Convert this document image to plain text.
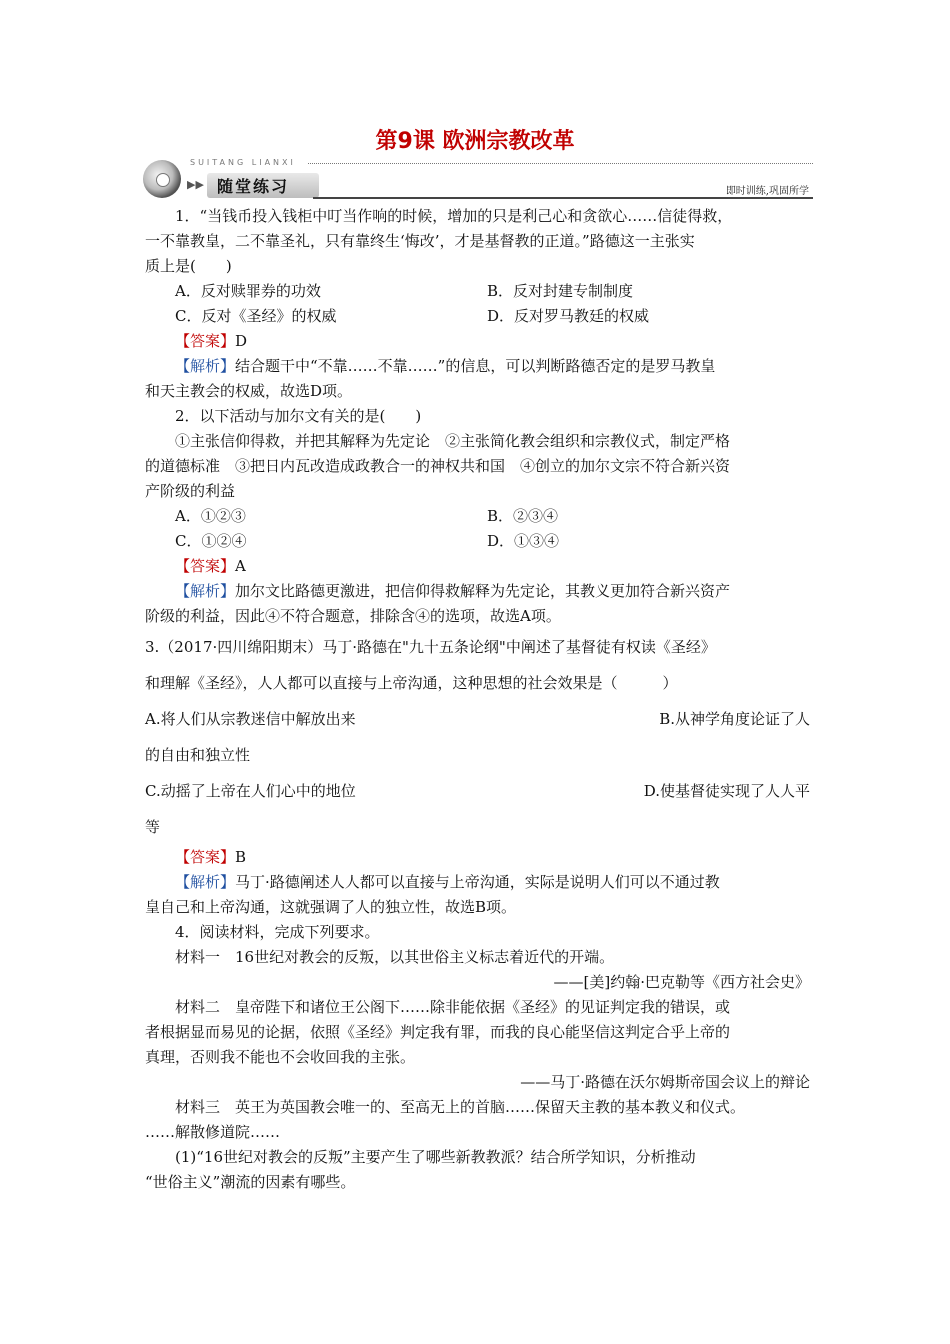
第9课 欧洲宗教改革
SUITANG LIANXI
▶▶ 随堂练习	即时训练,巩固所学

1．“当钱币投入钱柜中叮当作响的时候，增加的只是利己心和贪欲心……信徒得救，

一不靠教皇，二不靠圣礼，只有靠终生‘悔改’，才是基督教的正道。”路德这一主张实

质上是(　　)

A．反对赎罪券的功效	B．反对封建专制制度
C．反对《圣经》的权威	D．反对罗马教廷的权威

【答案】D

【解析】结合题干中“不靠……不靠……”的信息，可以判断路德否定的是罗马教皇

和天主教会的权威，故选D项。

2．以下活动与加尔文有关的是(　　)

①主张信仰得救，并把其解释为先定论　②主张简化教会组织和宗教仪式，制定严格

的道德标准　③把日内瓦改造成政教合一的神权共和国　④创立的加尔文宗不符合新兴资

产阶级的利益

A．①②③	B．②③④
C．①②④	D．①③④

【答案】A

【解析】加尔文比路德更激进，把信仰得救解释为先定论，其教义更加符合新兴资产

阶级的利益，因此④不符合题意，排除含④的选项，故选A项。

3.（2017·四川绵阳期末）马丁·路德在"九十五条论纲"中阐述了基督徒有权读《圣经》

和理解《圣经》，人人都可以直接与上帝沟通，这种思想的社会效果是（　　　）

A.将人们从宗教迷信中解放出来	B.从神学角度论证了人

的自由和独立性

C.动摇了上帝在人们心中的地位	D.使基督徒实现了人人平

等

【答案】B

【解析】马丁·路德阐述人人都可以直接与上帝沟通，实际是说明人们可以不通过教

皇自己和上帝沟通，这就强调了人的独立性，故选B项。

4．阅读材料，完成下列要求。

材料一　16世纪对教会的反叛，以其世俗主义标志着近代的开端。

——[美]约翰·巴克勒等《西方社会史》

材料二　皇帝陛下和诸位王公阁下……除非能依据《圣经》的见证判定我的错误，或

者根据显而易见的论据，依照《圣经》判定我有罪，而我的良心能坚信这判定合乎上帝的

真理，否则我不能也不会收回我的主张。

——马丁·路德在沃尔姆斯帝国会议上的辩论

材料三　英王为英国教会唯一的、至高无上的首脑……保留天主教的基本教义和仪式。

……解散修道院……

(1)“16世纪对教会的反叛”主要产生了哪些新教教派？结合所学知识，分析推动

“世俗主义”潮流的因素有哪些。
